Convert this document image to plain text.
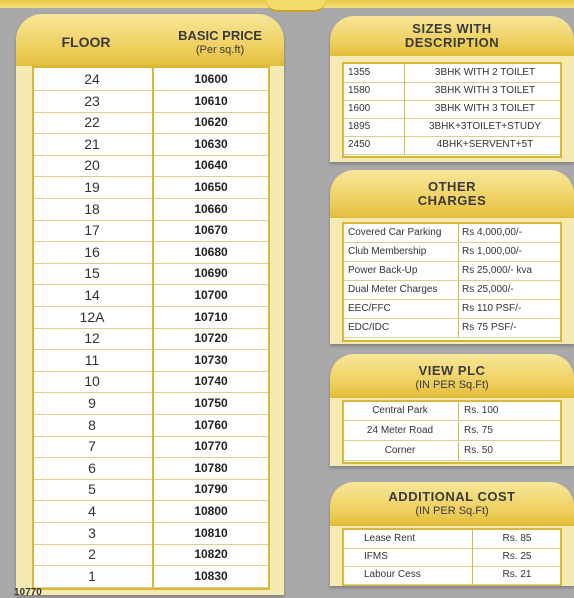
FLOOR	BASIC PRICE
(Per sq.ft)
24	10600
23	10610
22	10620
21	10630
20	10640
19	10650
18	10660
17	10670
16	10680
15	10690
14	10700
12A	10710
12	10720
11	10730
10	10740
9	10750
8	10760
7	10770
6	10780
5	10790
4	10800
3	10810
2	10820
1	10830
10770
SIZES WITH
DESCRIPTION
1355	3BHK WITH 2 TOILET
1580	3BHK WITH 3 TOILET
1600	3BHK WITH 3 TOILET
1895	3BHK+3TOILET+STUDY
2450	4BHK+SERVENT+5T
OTHER
CHARGES
Covered Car Parking	Rs 4,000,00/-
Club Membership	Rs 1,000,00/-
Power Back-Up	Rs 25,000/- kva
Dual Meter Charges	Rs 25,000/-
EEC/FFC	Rs 110 PSF/-
EDC/IDC	Rs 75 PSF/-
VIEW PLC
(IN PER Sq.Ft)
Central Park	Rs. 100
24 Meter Road	Rs. 75
Corner	Rs. 50
ADDITIONAL COST
(IN PER Sq.Ft)
Lease Rent	Rs. 85
IFMS	Rs. 25
Labour Cess	Rs. 21
